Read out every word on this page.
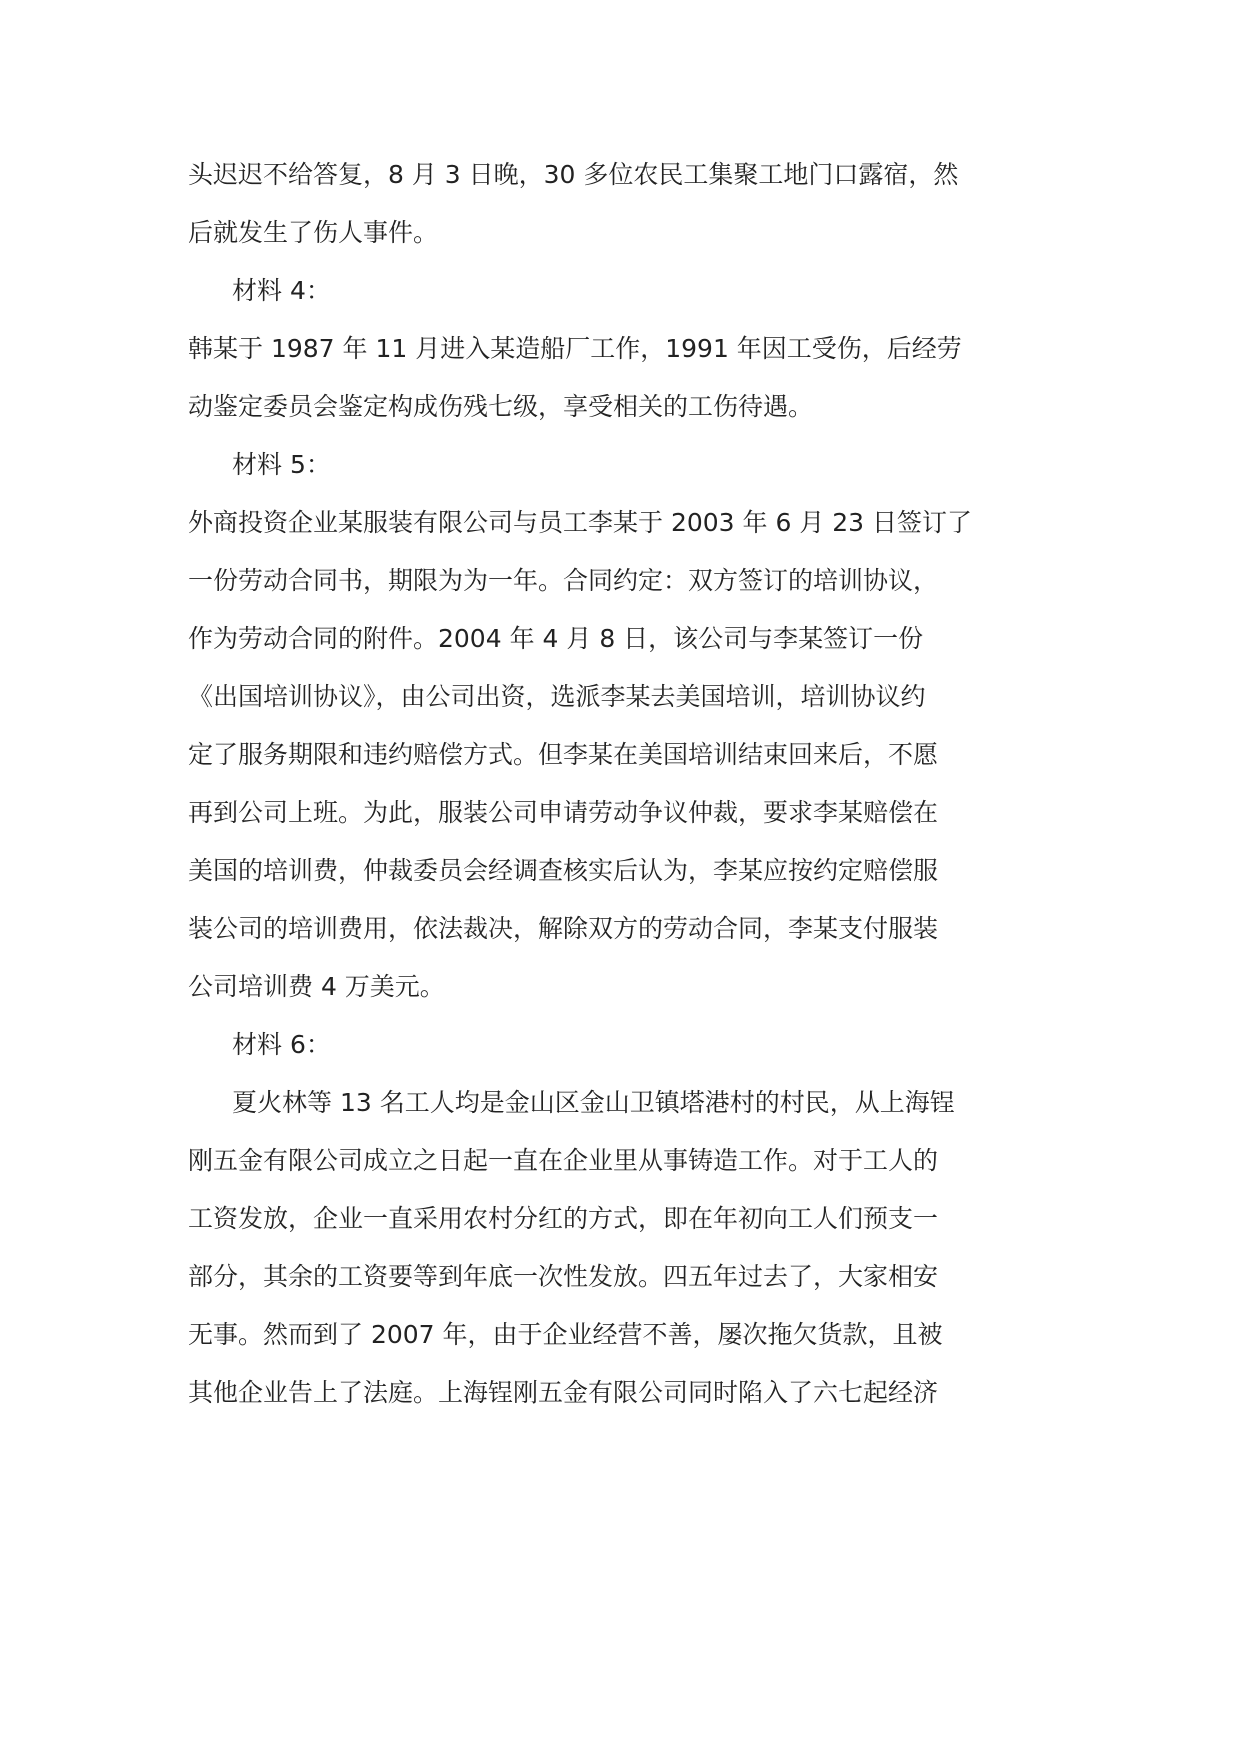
头迟迟不给答复，8 月 3 日晚，30 多位农民工集聚工地门口露宿，然
后就发生了伤人事件。
材料 4：
韩某于 1987 年 11 月进入某造船厂工作，1991 年因工受伤，后经劳
动鉴定委员会鉴定构成伤残七级，享受相关的工伤待遇。
材料 5：
外商投资企业某服装有限公司与员工李某于 2003 年 6 月 23 日签订了
一份劳动合同书，期限为为一年。合同约定：双方签订的培训协议，
作为劳动合同的附件。2004 年 4 月 8 日，该公司与李某签订一份
《出国培训协议》，由公司出资，选派李某去美国培训，培训协议约
定了服务期限和违约赔偿方式。但李某在美国培训结束回来后，不愿
再到公司上班。为此，服装公司申请劳动争议仲裁，要求李某赔偿在
美国的培训费，仲裁委员会经调查核实后认为，李某应按约定赔偿服
装公司的培训费用，依法裁决，解除双方的劳动合同，李某支付服装
公司培训费 4 万美元。
材料 6：
夏火林等 13 名工人均是金山区金山卫镇塔港村的村民，从上海锃
刚五金有限公司成立之日起一直在企业里从事铸造工作。对于工人的
工资发放，企业一直采用农村分红的方式，即在年初向工人们预支一
部分，其余的工资要等到年底一次性发放。四五年过去了，大家相安
无事。然而到了 2007 年，由于企业经营不善，屡次拖欠货款，且被
其他企业告上了法庭。上海锃刚五金有限公司同时陷入了六七起经济
